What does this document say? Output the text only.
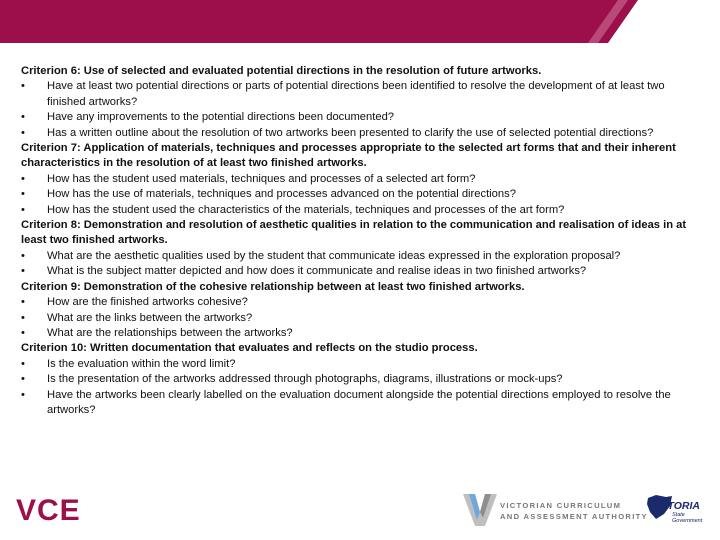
Criterion 6: Use of selected and evaluated potential directions in the resolution of future artworks.

• Have at least two potential directions or parts of potential directions been identified to resolve the development of at least two finished artworks?
• Have any improvements to the potential directions been documented?
• Has a written outline about the resolution of two artworks been presented to clarify the use of selected potential directions?

Criterion 7: Application of materials, techniques and processes appropriate to the selected art forms that and their inherent characteristics in the resolution of at least two finished artworks.

• How has the student used materials, techniques and processes of a selected art form?
• How has the use of materials, techniques and processes advanced on the potential directions?
• How has the student used the characteristics of the materials, techniques and processes of the art form?

Criterion 8: Demonstration and resolution of aesthetic qualities in relation to the communication and realisation of ideas in at least two finished artworks.

• What are the aesthetic qualities used by the student that communicate ideas expressed in the exploration proposal?
• What is the subject matter depicted and how does it communicate and realise ideas in two finished artworks?

Criterion 9: Demonstration of the cohesive relationship between at least two finished artworks.

• How are the finished artworks cohesive?
• What are the links between the artworks?
• What are the relationships between the artworks?

Criterion 10: Written documentation that evaluates and reflects on the studio process.

• Is the evaluation within the word limit?
• Is the presentation of the artworks addressed through photographs, diagrams, illustrations or mock-ups?
• Have the artworks been clearly labelled on the evaluation document alongside the potential directions employed to resolve the artworks?
VCE	VICTORIAN CURRICULUM
AND ASSESSMENT AUTHORITY
VICTORIA
State
Government
